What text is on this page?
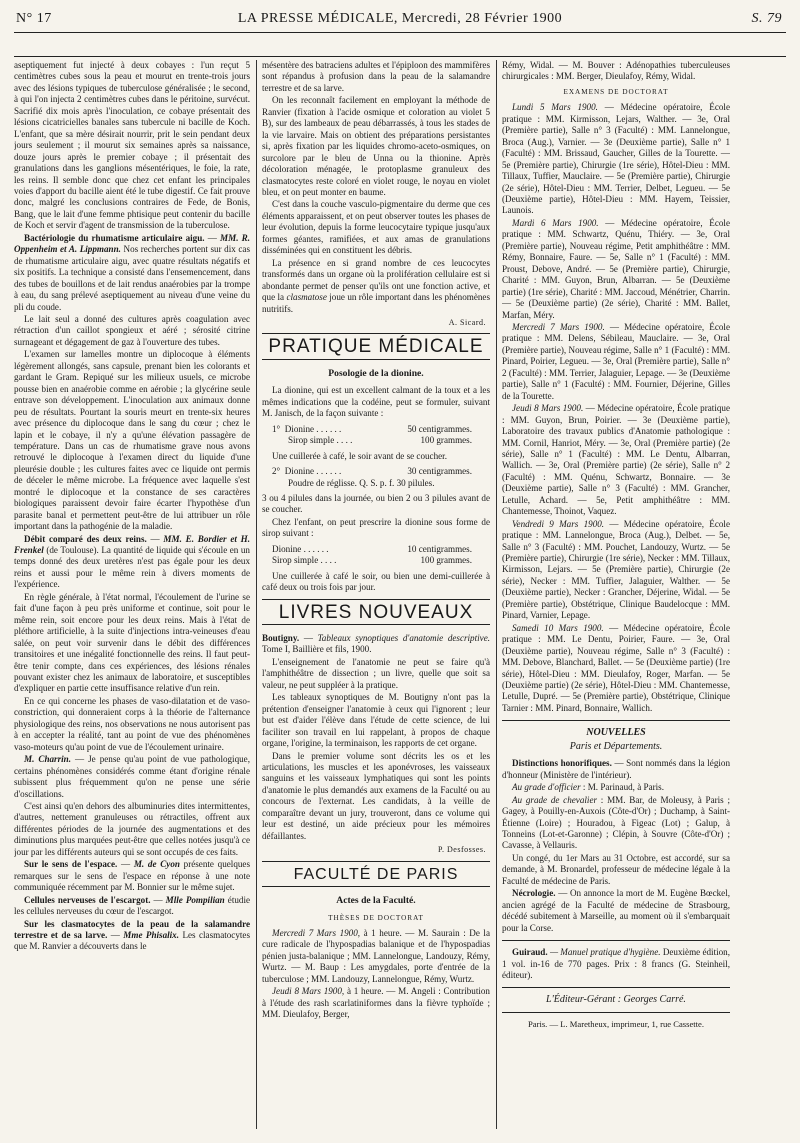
N° 17	LA PRESSE MÉDICALE, Mercredi, 28 Février 1900	S. 79

aseptiquement fut injecté à deux cobayes : l'un reçut 5 centimètres cubes sous la peau et mourut en trente-trois jours avec des lésions typiques de tuberculose généralisée ; le second, à qui l'on injecta 2 centimètres cubes dans le péritoine, survécut. Sacrifié dix mois après l'inoculation, ce cobaye présentait des lésions cicatricielles banales sans tubercule ni bacille de Koch. L'enfant, que sa mère désirait nourrir, prit le sein pendant deux jours seulement ; il mourut six semaines après sa naissance, douze jours après le premier cobaye ; il présentait des granulations dans les ganglions mésentériques, le foie, la rate, les reins. Il semble donc que chez cet enfant les principales voies d'apport du bacille aient été le tube digestif. Ce fait prouve donc, malgré les conclusions contraires de Fede, de Bonis, Bang, que le lait d'une femme phtisique peut contenir du bacille de Koch et servir d'agent de transmission de la tuberculose.

Bactériologie du rhumatisme articulaire aigu. — MM. R. Oppenheim et A. Lippmann. Nos recherches portent sur dix cas de rhumatisme articulaire aigu, avec quatre résultats négatifs et six positifs. La technique a consisté dans l'ensemencement, dans des tubes de bouillons et de lait rendus anaérobies par la trompe à eau, du sang prélevé aseptiquement au niveau d'une veine du pli du coude.

Le lait seul a donné des cultures après coagulation avec rétraction d'un caillot spongieux et aéré ; sérosité citrine surnageant et dégagement de gaz à l'ouverture des tubes.

L'examen sur lamelles montre un diplocoque à éléments légèrement allongés, sans capsule, prenant bien les colorants et gardant le Gram. Repiqué sur les milieux usuels, ce microbe pousse bien en anaérobie comme en aérobie ; la glycérine seule entrave son développement. L'inoculation aux animaux donne peu de résultats. Pourtant la souris meurt en trente-six heures avec présence du diplocoque dans le sang du cœur ; chez le lapin et le cobaye, il n'y a qu'une élévation passagère de température. Dans un cas de rhumatisme grave nous avons retrouvé le diplocoque à l'examen direct du liquide d'une pleurésie double ; les cultures faites avec ce liquide ont permis de déceler le même microbe. La fréquence avec laquelle s'est montré le diplocoque et la constance de ses caractères biologiques paraissent devoir faire écarter l'hypothèse d'un parasite banal et permettent peut-être de lui attribuer un rôle important dans la pathogénie de la maladie.

Débit comparé des deux reins. — MM. E. Bordier et H. Frenkel (de Toulouse). La quantité de liquide qui s'écoule en un temps donné des deux uretères n'est pas égale pour les deux reins et aussi pour le même rein à divers moments de l'expérience.

En règle générale, à l'état normal, l'écoulement de l'urine se fait d'une façon à peu près uniforme et continue, soit pour le même rein, soit encore pour les deux reins. Mais à l'état de pléthore artificielle, à la suite d'injections intra-veineuses d'eau salée, on peut voir survenir dans le débit des différences transitoires et une inégalité fonctionnelle des reins. Il faut peut-être tenir compte, dans ces expériences, des lésions rénales pouvant exister chez les animaux de laboratoire, et susceptibles d'expliquer en partie cette insuffisance relative d'un rein.

En ce qui concerne les phases de vaso-dilatation et de vaso-constriction, qui donneraient corps à la théorie de l'alternance physiologique des reins, nos observations ne nous autorisent pas à en accepter la réalité, tant au point de vue des phénomènes vaso-moteurs qu'au point de vue de l'écoulement urinaire.

M. Charrin. — Je pense qu'au point de vue pathologique, certains phénomènes considérés comme étant d'origine rénale subissent plus fréquemment qu'on ne pense une série d'oscillations.

C'est ainsi qu'en dehors des albuminuries dites intermittentes, d'autres, nettement granuleuses ou rétractiles, offrent aux différentes périodes de la journée des augmentations et des diminutions plus marquées peut-être que celles notées jusqu'à ce jour par les différents auteurs qui se sont occupés de ces faits.

Sur le sens de l'espace. — M. de Cyon présente quelques remarques sur le sens de l'espace en réponse à une note communiquée récemment par M. Bonnier sur le même sujet.

Cellules nerveuses de l'escargot. — Mlle Pompilian étudie les cellules nerveuses du cœur de l'escargot.

Sur les clasmatocytes de la peau de la salamandre terrestre et de sa larve. — Mme Phisalix. Les clasmatocytes que M. Ranvier a découverts dans le

mésentère des batraciens adultes et l'épiploon des mammifères sont répandus à profusion dans la peau de la salamandre terrestre et de sa larve.

On les reconnaît facilement en employant la méthode de Ranvier (fixation à l'acide osmique et coloration au violet 5 B), sur des lambeaux de peau débarrassés, à tous les stades de la vie larvaire. Mais on obtient des préparations persistantes si, après fixation par les liquides chromo-aceto-osmiques, on surcolore par le bleu de Unna ou la thionine. Après décoloration ménagée, le protoplasme granuleux des clasmatocytes reste coloré en violet rouge, le noyau en violet bleu, et on peut monter en baume.

C'est dans la couche vasculo-pigmentaire du derme que ces éléments apparaissent, et on peut observer toutes les phases de leur évolution, depuis la forme leucocytaire typique jusqu'aux formes géantes, ramifiées, et aux amas de granulations disséminées qui en constituent les débris.

La présence en si grand nombre de ces leucocytes transformés dans un organe où la prolifération cellulaire est si abondante permet de penser qu'ils ont une fonction active, et que la clasmatose joue un rôle important dans les phénomènes nutritifs.

A. Sicard.
PRATIQUE MÉDICALE
Posologie de la dionine.

La dionine, qui est un excellent calmant de la toux et a les mêmes indications que la codéine, peut se formuler, suivant M. Janisch, de la façon suivante :

1° Dionine . . . . . .	50 centigrammes.
Sirop simple . . . .	100 grammes.

Une cuillerée à café, le soir avant de se coucher.

2° Dionine . . . . . .	30 centigrammes.
Poudre de réglisse. Q. S. p. f. 30 pilules.

3 ou 4 pilules dans la journée, ou bien 2 ou 3 pilules avant de se coucher.

Chez l'enfant, on peut prescrire la dionine sous forme de sirop suivant :

Dionine . . . . . .	10 centigrammes.
Sirop simple . . . .	100 grammes.

Une cuillerée à café le soir, ou bien une demi-cuillerée à café deux ou trois fois par jour.

LIVRES NOUVEAUX

Boutigny. — Tableaux synoptiques d'anatomie descriptive. Tome I, Baillière et fils, 1900.

L'enseignement de l'anatomie ne peut se faire qu'à l'amphithéâtre de dissection ; un livre, quelle que soit sa valeur, ne peut suppléer à la pratique.

Les tableaux synoptiques de M. Boutigny n'ont pas la prétention d'enseigner l'anatomie à ceux qui l'ignorent ; leur but est d'aider l'élève dans l'étude de cette science, de lui faciliter son travail en lui rappelant, à propos de chaque organe, l'origine, la terminaison, les rapports de cet organe.

Dans le premier volume sont décrits les os et les articulations, les muscles et les aponévroses, les vaisseaux sanguins et les vaisseaux lymphatiques qui sont les points d'anatomie le plus demandés aux examens de la Faculté ou au concours de l'externat. Les candidats, à la veille de comparaître devant un jury, trouveront, dans ce volume qui leur est destiné, un aide précieux pour les mémoires défaillantes.

P. Desfosses.
FACULTÉ DE PARIS
Actes de la Faculté.
THÈSES DE DOCTORAT

Mercredi 7 Mars 1900, à 1 heure. — M. Saurain : De la cure radicale de l'hypospadias balanique et de l'hypospadias pénien justa-balanique ; MM. Lannelongue, Landouzy, Rémy, Wurtz. — M. Baup : Les amygdales, porte d'entrée de la tuberculose ; MM. Landouzy, Lannelongue, Rémy, Wurtz.

Jeudi 8 Mars 1900, à 1 heure. — M. Angeli : Contribution à l'étude des rash scarlatiniformes dans la fièvre typhoïde ; MM. Dieulafoy, Berger,

Rémy, Widal. — M. Bouver : Adénopathies tuberculeuses chirurgicales : MM. Berger, Dieulafoy, Rémy, Widal.

EXAMENS DE DOCTORAT

Lundi 5 Mars 1900. — Médecine opératoire, École pratique : MM. Kirmisson, Lejars, Walther. — 3e, Oral (Première partie), Salle n° 3 (Faculté) : MM. Lannelongue, Broca (Aug.), Varnier. — 3e (Deuxième partie), Salle n° 1 (Faculté) : MM. Brissaud, Gaucher, Gilles de la Tourette. — 5e (Première partie), Chirurgie (1re série), Hôtel-Dieu : MM. Tillaux, Tuffier, Mauclaire. — 5e (Première partie), Chirurgie (2e série), Hôtel-Dieu : MM. Terrier, Delbet, Legueu. — 5e (Deuxième partie), Hôtel-Dieu : MM. Hayem, Teissier, Launois.

Mardi 6 Mars 1900. — Médecine opératoire, École pratique : MM. Schwartz, Quénu, Thiéry. — 3e, Oral (Première partie), Nouveau régime, Petit amphithéâtre : MM. Rémy, Bonnaire, Faure. — 5e, Salle n° 1 (Faculté) : MM. Proust, Debove, André. — 5e (Première partie), Chirurgie, Charité : MM. Guyon, Brun, Albarran. — 5e (Deuxième partie) (1re série), Charité : MM. Jaccoud, Ménétrier, Charrin. — 5e (Deuxième partie) (2e série), Charité : MM. Ballet, Marfan, Méry.

Mercredi 7 Mars 1900. — Médecine opératoire, École pratique : MM. Delens, Sébileau, Mauclaire. — 3e, Oral (Première partie), Nouveau régime, Salle n° 1 (Faculté) : MM. Pinard, Poirier, Legueu. — 3e, Oral (Première partie), Salle n° 2 (Faculté) : MM. Terrier, Jalaguier, Lepage. — 3e (Deuxième partie), Salle n° 1 (Faculté) : MM. Fournier, Déjerine, Gilles de la Tourette.

Jeudi 8 Mars 1900. — Médecine opératoire, École pratique : MM. Guyon, Brun, Poirier. — 3e (Deuxième partie), Laboratoire des travaux publics d'Anatomie pathologique : MM. Cornil, Hanriot, Méry. — 3e, Oral (Première partie) (2e série), Salle n° 1 (Faculté) : MM. Le Dentu, Albarran, Wallich. — 3e, Oral (Première partie) (2e série), Salle n° 2 (Faculté) : MM. Quénu, Schwartz, Bonnaire. — 3e (Deuxième partie), Salle n° 3 (Faculté) : MM. Grancher, Letulle, Achard. — 5e, Petit amphithéâtre : MM. Chantemesse, Thoinot, Vaquez.

Vendredi 9 Mars 1900. — Médecine opératoire, École pratique : MM. Lannelongue, Broca (Aug.), Delbet. — 5e, Salle n° 3 (Faculté) : MM. Pouchet, Landouzy, Wurtz. — 5e (Première partie), Chirurgie (1re série), Necker : MM. Tillaux, Kirmisson, Lejars. — 5e (Première partie), Chirurgie (2e série), Necker : MM. Tuffier, Jalaguier, Walther. — 5e (Deuxième partie), Necker : Grancher, Déjerine, Widal. — 5e (Première partie), Obstétrique, Clinique Baudelocque : MM. Pinard, Varnier, Lepage.

Samedi 10 Mars 1900. — Médecine opératoire, École pratique : MM. Le Dentu, Poirier, Faure. — 3e, Oral (Deuxième partie), Nouveau régime, Salle n° 3 (Faculté) : MM. Debove, Blanchard, Ballet. — 5e (Deuxième partie) (1re série), Hôtel-Dieu : MM. Dieulafoy, Roger, Marfan. — 5e (Deuxième partie) (2e série), Hôtel-Dieu : MM. Chantemesse, Letulle, Dupré. — 5e (Première partie), Obstétrique, Clinique Tarnier : MM. Pinard, Bonnaire, Wallich.

NOUVELLES
Paris et Départements.

Distinctions honorifiques. — Sont nommés dans la légion d'honneur (Ministère de l'intérieur).

Au grade d'officier : M. Parinaud, à Paris.

Au grade de chevalier : MM. Bar, de Moleusy, à Paris ; Gagey, à Pouilly-en-Auxois (Côte-d'Or) ; Duchamp, à Saint-Étienne (Loire) ; Houradou, à Figeac (Lot) ; Galup, à Tonneins (Lot-et-Garonne) ; Clépin, à Souvre (Côte-d'Or) ; Cavasse, à Vellauris.

Un congé, du 1er Mars au 31 Octobre, est accordé, sur sa demande, à M. Bronardel, professeur de médecine légale à la Faculté de médecine de Paris.

Nécrologie. — On annonce la mort de M. Eugène Bœckel, ancien agrégé de la Faculté de médecine de Strasbourg, décédé subitement à Marseille, au moment où il s'embarquait pour la Corse.

Guiraud. — Manuel pratique d'hygiène. Deuxième édition, 1 vol. in-16 de 770 pages. Prix : 8 francs (G. Steinheil, éditeur).

L'Éditeur-Gérant : Georges Carré.
Paris. — L. Maretheux, imprimeur, 1, rue Cassette.
